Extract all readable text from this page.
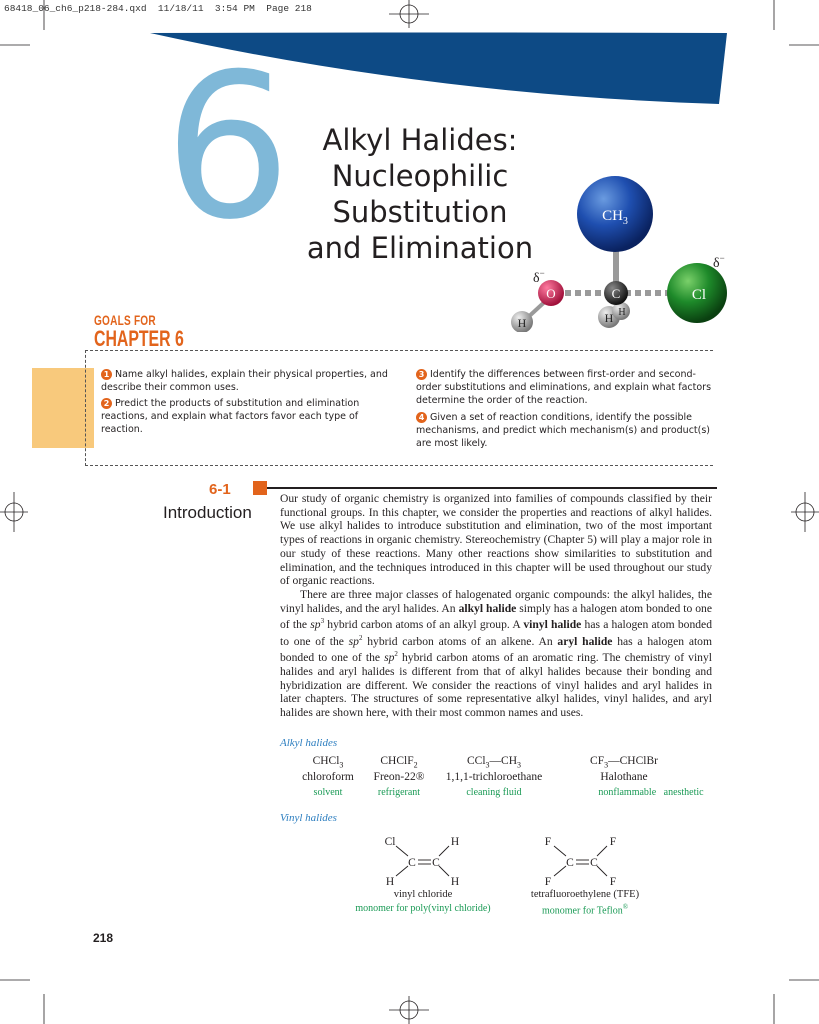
68418_06_ch6_p218-284.qxd  11/18/11  3:54 PM  Page 218
6	Alkyl Halides:
Nucleophilic
Substitution
and Elimination
$CH_3$
Cl
O
H H
C
H
δ−
δ−
GOALS FOR
CHAPTER 6
1 Name alkyl halides, explain their physical properties, and describe their common uses.
2 Predict the products of substitution and elimination reactions, and explain what factors favor each type of reaction.
3 Identify the differences between first-order and second-order substitutions and eliminations, and explain what factors determine the order of the reaction.
4 Given a set of reaction conditions, identify the possible mechanisms, and predict which mechanism(s) and product(s) are most likely.
6-1
Introduction

Our study of organic chemistry is organized into families of compounds classified by their functional groups. In this chapter, we consider the properties and reactions of alkyl halides. We use alkyl halides to introduce substitution and elimination, two of the most important types of reactions in organic chemistry. Stereochemistry (Chapter 5) will play a major role in our study of these reactions. Many other reactions show similarities to substitution and elimination, and the techniques introduced in this chapter will be used throughout our study of organic reactions.

There are three major classes of halogenated organic compounds: the alkyl halides, the vinyl halides, and the aryl halides. An alkyl halide simply has a halogen atom bonded to one of the $sp^3$ hybrid carbon atoms of an alkyl group. A vinyl halide has a halogen atom bonded to one of the $sp^2$ hybrid carbon atoms of an alkene. An aryl halide has a halogen atom bonded to one of the $sp^2$ hybrid carbon atoms of an aromatic ring. The chemistry of vinyl halides and aryl halides is different from that of alkyl halides because their bonding and hybridization are different. We consider the reactions of vinyl halides and aryl halides in later chapters. The structures of some representative alkyl halides, vinyl halides, and aryl halides are shown here, with their most common names and uses.

Alkyl halides
CHCl$_3$
chloroform
solvent
CHClF$_2$
Freon-22®
refrigerant
$CCl_3—CH_3$
1,1,1-trichloroethane
cleaning fluid
$CF_3—CHClBr$
Halothane
nonflammable   anesthetic
Vinyl halides
Cl	H
H	H
C C
vinyl chloride
monomer for poly(vinyl chloride)
F	F
F	F
C C
tetrafluoroethylene (TFE)
monomer for Teflon®
218
